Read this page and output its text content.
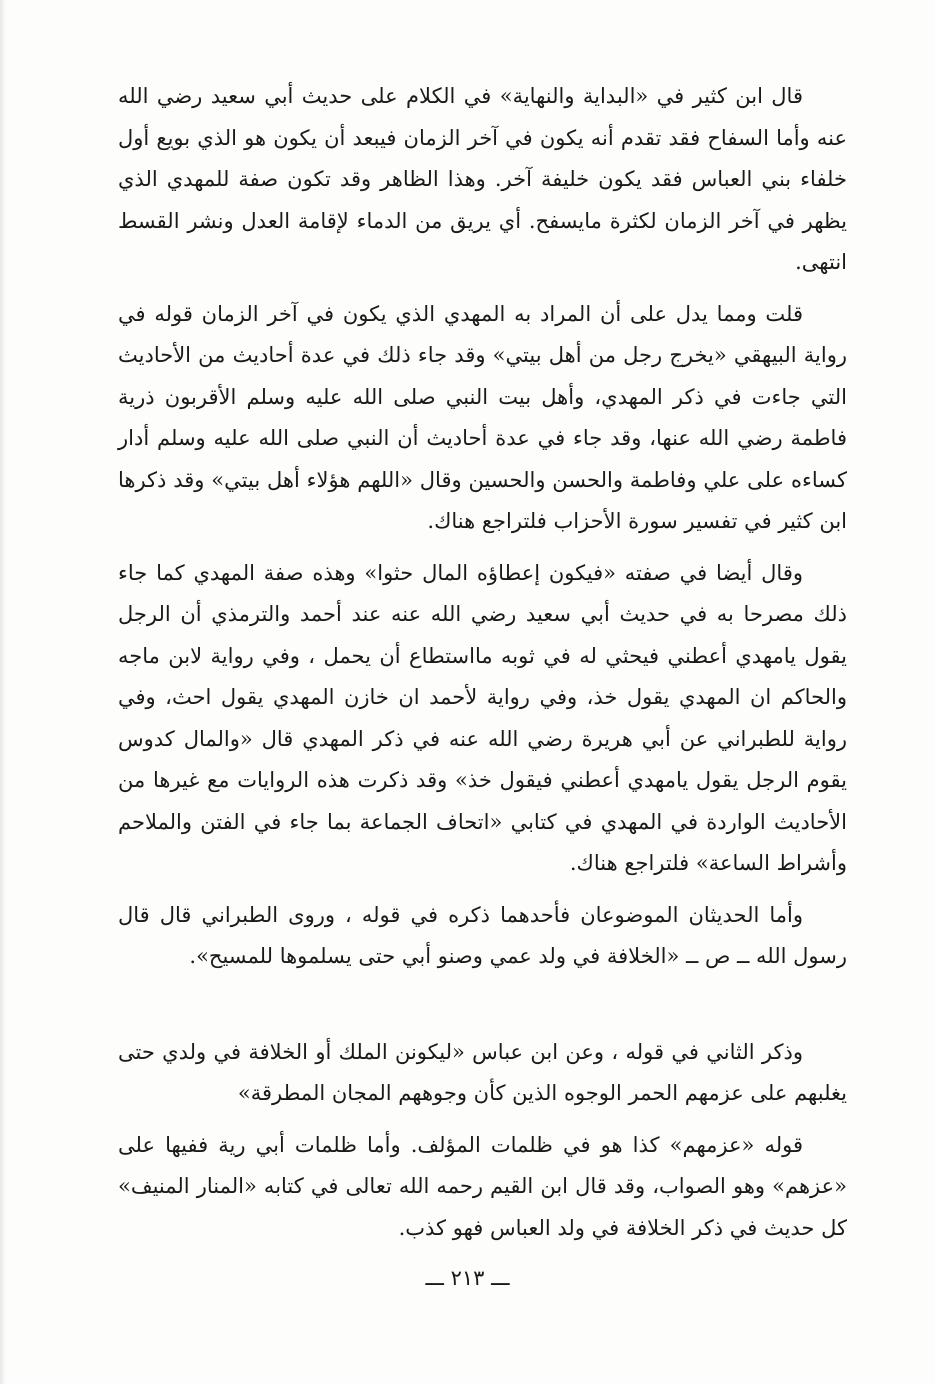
قال ابن كثير في «البداية والنهاية» في الكلام على حديث أبي سعيد رضي الله عنه وأما السفاح فقد تقدم أنه يكون في آخر الزمان فيبعد أن يكون هو الذي بويع أول خلفاء بني العباس فقد يكون خليفة آخر. وهذا الظاهر وقد تكون صفة للمهدي الذي يظهر في آخر الزمان لكثرة مايسفح. أي يريق من الدماء لإقامة العدل ونشر القسط انتهى.

قلت ومما يدل على أن المراد به المهدي الذي يكون في آخر الزمان قوله في رواية البيهقي «يخرج رجل من أهل بيتي» وقد جاء ذلك في عدة أحاديث من الأحاديث التي جاءت في ذكر المهدي، وأهل بيت النبي صلى الله عليه وسلم الأقربون ذرية فاطمة رضي الله عنها، وقد جاء في عدة أحاديث أن النبي صلى الله عليه وسلم أدار كساءه على علي وفاطمة والحسن والحسين وقال «اللهم هؤلاء أهل بيتي» وقد ذكرها ابن كثير في تفسير سورة الأحزاب فلتراجع هناك.

وقال أيضا في صفته «فيكون إعطاؤه المال حثوا» وهذه صفة المهدي كما جاء ذلك مصرحا به في حديث أبي سعيد رضي الله عنه عند أحمد والترمذي أن الرجل يقول يامهدي أعطني فيحثي له في ثوبه مااستطاع أن يحمل ، وفي رواية لابن ماجه والحاكم ان المهدي يقول خذ، وفي رواية لأحمد ان خازن المهدي يقول احث، وفي رواية للطبراني عن أبي هريرة رضي الله عنه في ذكر المهدي قال «والمال كدوس يقوم الرجل يقول يامهدي أعطني فيقول خذ» وقد ذكرت هذه الروايات مع غيرها من الأحاديث الواردة في المهدي في كتابي «اتحاف الجماعة بما جاء في الفتن والملاحم وأشراط الساعة» فلتراجع هناك.

وأما الحديثان الموضوعان فأحدهما ذكره في قوله ، وروى الطبراني قال قال رسول الله ــ ص ــ «الخلافة في ولد عمي وصنو أبي حتى يسلموها للمسيح».

وذكر الثاني في قوله ، وعن ابن عباس «ليكونن الملك أو الخلافة في ولدي حتى يغلبهم على عزمهم الحمر الوجوه الذين كأن وجوههم المجان المطرقة»

قوله «عزمهم» كذا هو في ظلمات المؤلف. وأما ظلمات أبي رية ففيها على «عزهم» وهو الصواب، وقد قال ابن القيم رحمه الله تعالى في كتابه «المنار المنيف» كل حديث في ذكر الخلافة في ولد العباس فهو كذب.

ـــ ٢١٣ ـــ
